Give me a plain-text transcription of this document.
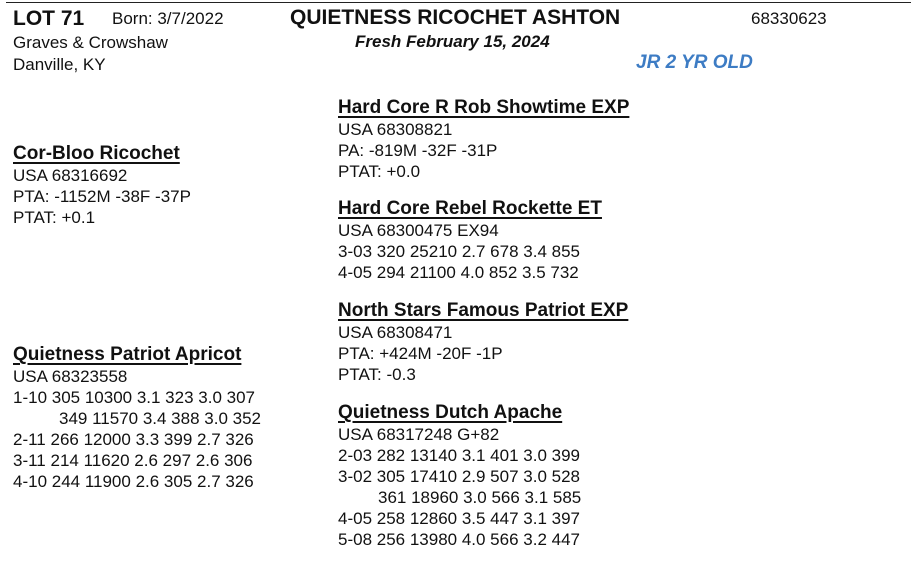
LOT 71 Born: 3/7/2022	QUIETNESS RICOCHET ASHTON	68330623
Graves & Crowshaw	Fresh February 15, 2024
Danville, KY	JR 2 YR OLD
Cor-Bloo Ricochet
USA 68316692
PTA: -1152M -38F -37P
PTAT: +0.1
Quietness Patriot Apricot
USA 68323558
1-10 305 10300 3.1 323 3.0 307
349 11570 3.4 388 3.0 352
2-11 266 12000 3.3 399 2.7 326
3-11 214 11620 2.6 297 2.6 306
4-10 244 11900 2.6 305 2.7 326
Hard Core R Rob Showtime EXP
USA 68308821
PA: -819M -32F -31P
PTAT: +0.0
Hard Core Rebel Rockette ET
USA 68300475 EX94
3-03 320 25210 2.7 678 3.4 855
4-05 294 21100 4.0 852 3.5 732
North Stars Famous Patriot EXP
USA 68308471
PTA: +424M -20F -1P
PTAT: -0.3
Quietness Dutch Apache
USA 68317248 G+82
2-03 282 13140 3.1 401 3.0 399
3-02 305 17410 2.9 507 3.0 528
361 18960 3.0 566 3.1 585
4-05 258 12860 3.5 447 3.1 397
5-08 256 13980 4.0 566 3.2 447
